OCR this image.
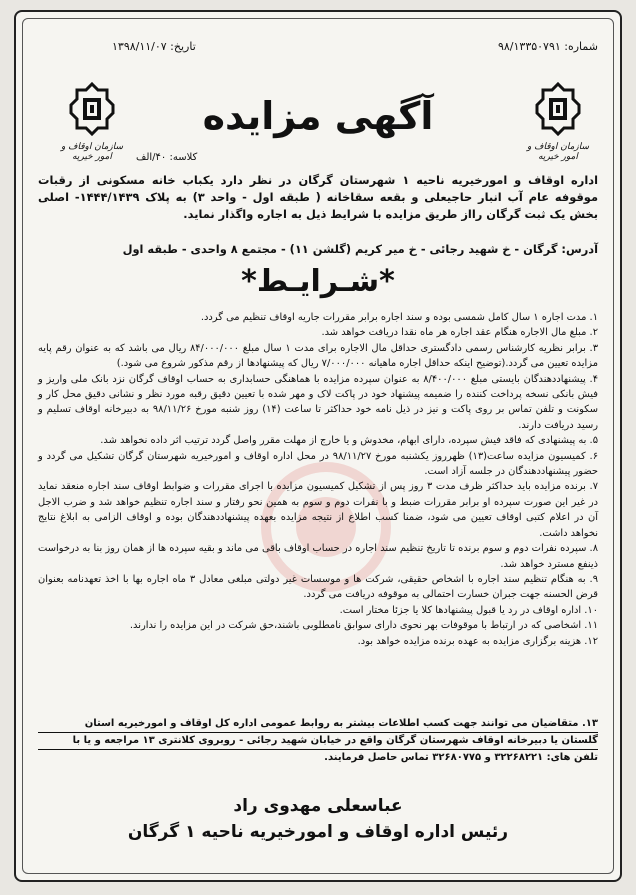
تاریخ: ۱۳۹۸/۱۱/۰۷	شماره: ۹۸/۱۳۳۵۰۷۹۱
سازمان اوقاف و امور خیریه
سازمان اوقاف و امور خیریه
آگهی مزایده
کلاسه: ۴۰/الف
اداره اوقاف و امورخیریه ناحیه ۱ شهرستان گرگان در نظر دارد یکباب خانه مسکونی از رقبات موقوفه عام آب انبار حاجیعلی و بقعه سقاخانه ( طبقه اول - واحد ۳) به پلاک ۱۴۴۴/۱۴۳۹- اصلی بخش یک ثبت گرگان رااز طریق مزایده با شرایط ذیل به اجاره واگذار نماید.
آدرس: گرگان - خ شهید رجائی - خ میر کریم (گلشن ۱۱) - مجتمع ۸ واحدی - طبقه اول
*شـرایـط*

۱. مدت اجاره ۱ سال کامل شمسی بوده و سند اجاره برابر مقررات جاریه اوقاف تنظیم می گردد.

۲. مبلغ مال الاجاره هنگام عقد اجاره هر ماه نقدا دریافت خواهد شد.

۳. برابر نظریه کارشناس رسمی دادگستری حداقل مال الاجاره برای مدت ۱ سال مبلغ ۸۴/۰۰۰/۰۰۰ ریال می باشد که به عنوان رقم پایه مزایده تعیین می گردد.(توضیح اینکه حداقل اجاره ماهیانه ۷/۰۰۰/۰۰۰ ریال که پیشنهادها از رقم مذکور شروع می شود.)

۴. پیشنهاددهندگان بایستی مبلغ ۸/۴۰۰/۰۰۰ به عنوان سپرده مزایده با هماهنگی حسابداری به حساب اوقاف گرگان نزد بانک ملی واریز و فیش بانکی نسخه پرداخت کننده را ضمیمه پیشنهاد خود در پاکت لاک و مهر شده با تعیین دقیق رقبه مورد نظر و نشانی دقیق محل کار و سکونت و تلفن تماس بر روی پاکت و نیز در ذیل نامه خود حداکثر تا ساعت (۱۴) روز شنبه مورخ ۹۸/۱۱/۲۶ به دبیرخانه اوقاف تسلیم و رسید دریافت دارند.

۵. به پیشنهادی که فاقد فیش سپرده، دارای ابهام، مخدوش و یا خارج از مهلت مقرر واصل گردد ترتیب اثر داده نخواهد شد.

۶. کمیسیون مزایده ساعت(۱۳) ظهرروز یکشنبه مورخ ۹۸/۱۱/۲۷ در محل اداره اوقاف و امورخیریه شهرستان گرگان تشکیل می گردد و حضور پیشنهاددهندگان در جلسه آزاد است.

۷. برنده مزایده باید حداکثر ظرف مدت ۳ روز پس از تشکیل کمیسیون مزایده با اجرای مقررات و ضوابط اوقاف سند اجاره منعقد نماید در غیر این صورت سپرده او برابر مقررات ضبط و با نفرات دوم و سوم به همین نحو رفتار و سند اجاره تنظیم خواهد شد و ضرب الاجل آن در اعلام کتبی اوقاف تعیین می شود، ضمنا کسب اطلاع از نتیجه مزایده بعهده پیشنهاددهندگان بوده و اوقاف الزامی به ابلاغ نتایج نخواهد داشت.

۸. سپرده نفرات دوم و سوم برنده تا تاریخ تنظیم سند اجاره در حساب اوقاف باقی می ماند و بقیه سپرده ها از همان روز بنا به درخواست ذینفع مسترد خواهد شد.

۹. به هنگام تنظیم سند اجاره با اشخاص حقیقی، شرکت ها و موسسات غیر دولتی مبلغی معادل ۳ ماه اجاره بها با اخذ تعهدنامه بعنوان قرض الحسنه جهت جبران خسارت احتمالی به موقوفه دریافت می گردد.

۱۰. اداره اوقاف در رد یا قبول پیشنهادها کلا یا جزئا مختار است.

۱۱. اشخاصی که در ارتباط با موقوفات بهر نحوی دارای سوابق نامطلوبی باشند،حق شرکت در این مزایده را ندارند.

۱۲. هزینه برگزاری مزایده به عهده برنده مزایده خواهد بود.

۱۳. متقاضیان می توانند جهت کسب اطلاعات بیشتر به روابط عمومی اداره کل اوقاف و امورخیریه استان
گلستان یا دبیرخانه اوقاف شهرستان گرگان واقع در خیابان شهید رجائی - روبروی کلانتری ۱۳ مراجعه و یا با
تلفن های: ۳۲۲۶۸۲۲۱ و ۳۲۶۸۰۷۷۵ تماس حاصل فرمایند.
عباسعلی مهدوی راد
رئیس اداره اوقاف و امورخیریه ناحیه ۱ گرگان
